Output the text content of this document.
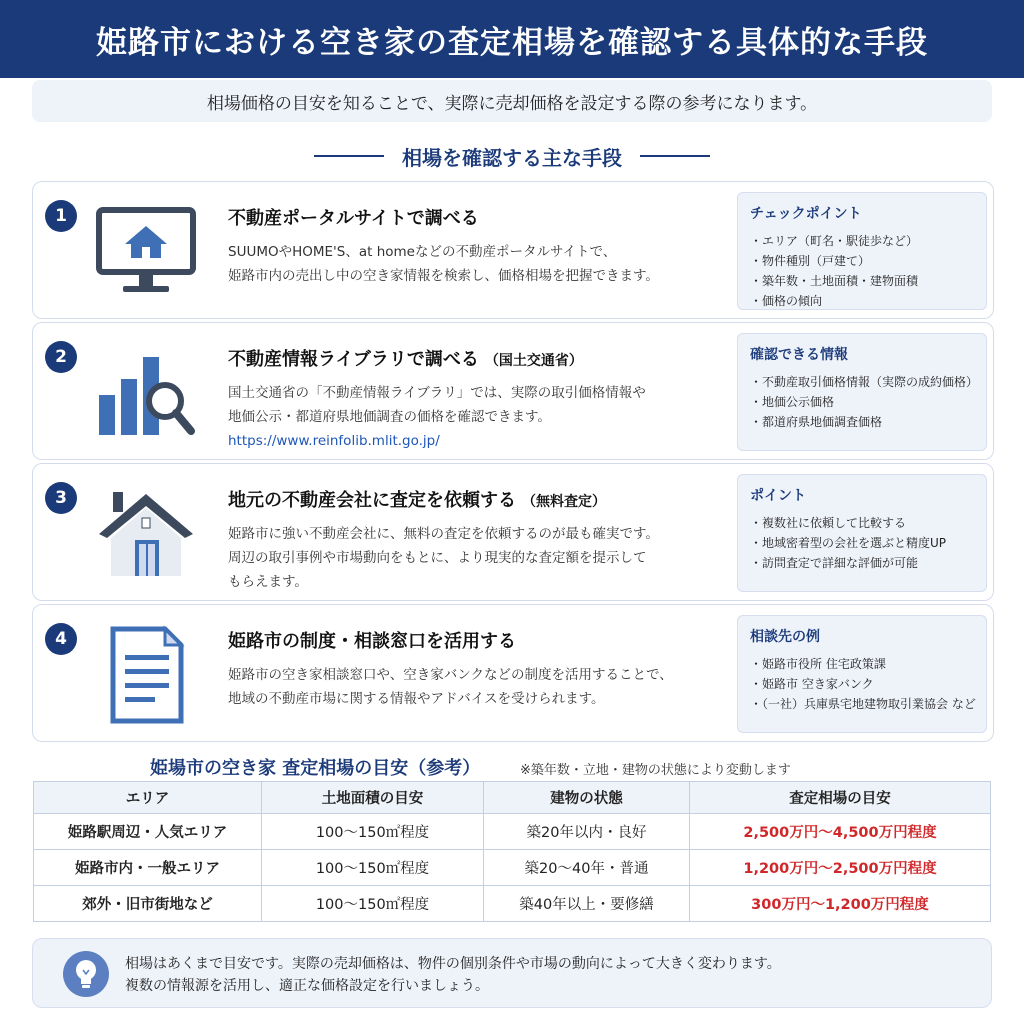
姫路市における空き家の査定相場を確認する具体的な手段
相場価格の目安を知ることで、実際に売却価格を設定する際の参考になります。
相場を確認する主な手段
1	不動産ポータルサイトで調べる

SUUMOやHOME'S、at homeなどの不動産ポータルサイトで、

姫路市内の売出し中の空き家情報を検索し、価格相場を把握できます。

チェックポイント
・エリア（町名・駅徒歩など）
・物件種別（戸建て）
・築年数・土地面積・建物面積
・価格の傾向
2	不動産情報ライブラリで調べる （国土交通省）

国土交通省の「不動産情報ライブラリ」では、実際の取引価格情報や

地価公示・都道府県地価調査の価格を確認できます。

https://www.reinfolib.mlit.go.jp/

確認できる情報
・不動産取引価格情報（実際の成約価格）
・地価公示価格
・都道府県地価調査価格
3	地元の不動産会社に査定を依頼する （無料査定）

姫路市に強い不動産会社に、無料の査定を依頼するのが最も確実です。

周辺の取引事例や市場動向をもとに、より現実的な査定額を提示して

もらえます。

ポイント
・複数社に依頼して比較する
・地域密着型の会社を選ぶと精度UP
・訪問査定で詳細な評価が可能
4	姫路市の制度・相談窓口を活用する

姫路市の空き家相談窓口や、空き家バンクなどの制度を活用することで、

地域の不動産市場に関する情報やアドバイスを受けられます。

相談先の例
・姫路市役所 住宅政策課
・姫路市 空き家バンク
・（一社）兵庫県宅地建物取引業協会 など
姫場市の空き家 査定相場の目安（参考）	※築年数・立地・建物の状態により変動します
エリア	土地面積の目安	建物の状態	査定相場の目安
姫路駅周辺・人気エリア	100〜150㎡程度	築20年以内・良好	2,500万円〜4,500万円程度
姫路市内・一般エリア	100〜150㎡程度	築20〜40年・普通	1,200万円〜2,500万円程度
郊外・旧市街地など	100〜150㎡程度	築40年以上・要修繕	300万円〜1,200万円程度

相場はあくまで目安です。実際の売却価格は、物件の個別条件や市場の動向によって大きく変わります。

複数の情報源を活用し、適正な価格設定を行いましょう。
